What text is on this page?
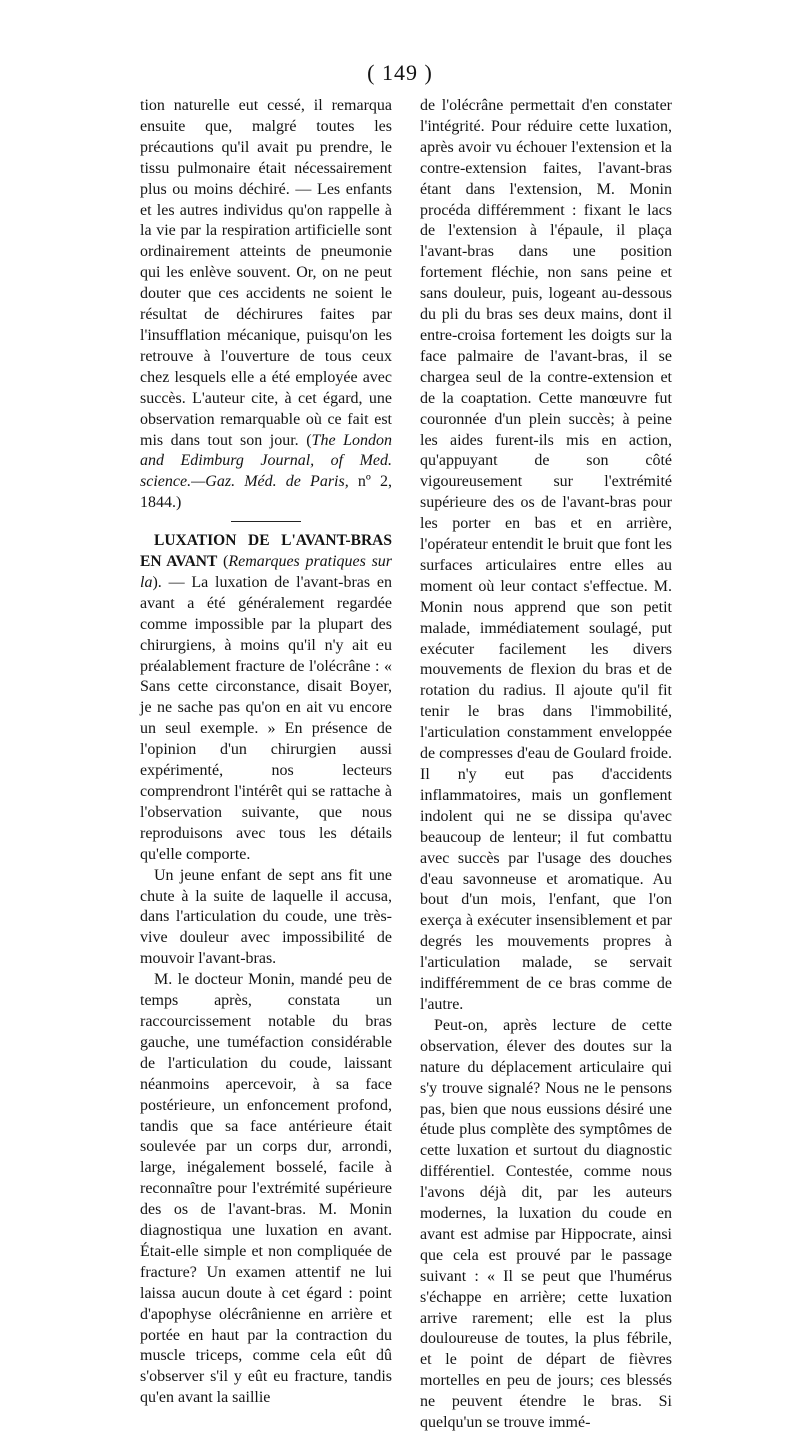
( 149 )

tion naturelle eut cessé, il remarqua ensuite que, malgré toutes les précautions qu'il avait pu prendre, le tissu pulmonaire était nécessairement plus ou moins déchiré. — Les enfants et les autres individus qu'on rappelle à la vie par la respiration artificielle sont ordinairement atteints de pneumonie qui les enlève souvent. Or, on ne peut douter que ces accidents ne soient le résultat de déchirures faites par l'insufflation mécanique, puisqu'on les retrouve à l'ouverture de tous ceux chez lesquels elle a été employée avec succès. L'auteur cite, à cet égard, une observation remarquable où ce fait est mis dans tout son jour. (The London and Edimburg Journal, of Med. science.—Gaz. Méd. de Paris, nº 2, 1844.)

LUXATION DE L'AVANT-BRAS EN AVANT (Remarques pratiques sur la). — La luxation de l'avant-bras en avant a été généralement regardée comme impossible par la plupart des chirurgiens, à moins qu'il n'y ait eu préalablement fracture de l'olécrâne : « Sans cette circonstance, disait Boyer, je ne sache pas qu'on en ait vu encore un seul exemple. » En présence de l'opinion d'un chirurgien aussi expérimenté, nos lecteurs comprendront l'intérêt qui se rattache à l'observation suivante, que nous reproduisons avec tous les détails qu'elle comporte.

Un jeune enfant de sept ans fit une chute à la suite de laquelle il accusa, dans l'articulation du coude, une très-vive douleur avec impossibilité de mouvoir l'avant-bras.

M. le docteur Monin, mandé peu de temps après, constata un raccourcissement notable du bras gauche, une tuméfaction considérable de l'articulation du coude, laissant néanmoins apercevoir, à sa face postérieure, un enfoncement profond, tandis que sa face antérieure était soulevée par un corps dur, arrondi, large, inégalement bosselé, facile à reconnaître pour l'extrémité supérieure des os de l'avant-bras. M. Monin diagnostiqua une luxation en avant. Était-elle simple et non compliquée de fracture? Un examen attentif ne lui laissa aucun doute à cet égard : point d'apophyse olécrânienne en arrière et portée en haut par la contraction du muscle triceps, comme cela eût dû s'observer s'il y eût eu fracture, tandis qu'en avant la saillie

de l'olécrâne permettait d'en constater l'intégrité. Pour réduire cette luxation, après avoir vu échouer l'extension et la contre-extension faites, l'avant-bras étant dans l'extension, M. Monin procéda différemment : fixant le lacs de l'extension à l'épaule, il plaça l'avant-bras dans une position fortement fléchie, non sans peine et sans douleur, puis, logeant au-dessous du pli du bras ses deux mains, dont il entre-croisa fortement les doigts sur la face palmaire de l'avant-bras, il se chargea seul de la contre-extension et de la coaptation. Cette manœuvre fut couronnée d'un plein succès; à peine les aides furent-ils mis en action, qu'appuyant de son côté vigoureusement sur l'extrémité supérieure des os de l'avant-bras pour les porter en bas et en arrière, l'opérateur entendit le bruit que font les surfaces articulaires entre elles au moment où leur contact s'effectue. M. Monin nous apprend que son petit malade, immédiatement soulagé, put exécuter facilement les divers mouvements de flexion du bras et de rotation du radius. Il ajoute qu'il fit tenir le bras dans l'immobilité, l'articulation constamment enveloppée de compresses d'eau de Goulard froide. Il n'y eut pas d'accidents inflammatoires, mais un gonflement indolent qui ne se dissipa qu'avec beaucoup de lenteur; il fut combattu avec succès par l'usage des douches d'eau savonneuse et aromatique. Au bout d'un mois, l'enfant, que l'on exerça à exécuter insensiblement et par degrés les mouvements propres à l'articulation malade, se servait indifféremment de ce bras comme de l'autre.

Peut-on, après lecture de cette observation, élever des doutes sur la nature du déplacement articulaire qui s'y trouve signalé? Nous ne le pensons pas, bien que nous eussions désiré une étude plus complète des symptômes de cette luxation et surtout du diagnostic différentiel. Contestée, comme nous l'avons déjà dit, par les auteurs modernes, la luxation du coude en avant est admise par Hippocrate, ainsi que cela est prouvé par le passage suivant : « Il se peut que l'humérus s'échappe en arrière; cette luxation arrive rarement; elle est la plus douloureuse de toutes, la plus fébrile, et le point de départ de fièvres mortelles en peu de jours; ces blessés ne peuvent étendre le bras. Si quelqu'un se trouve immé-
